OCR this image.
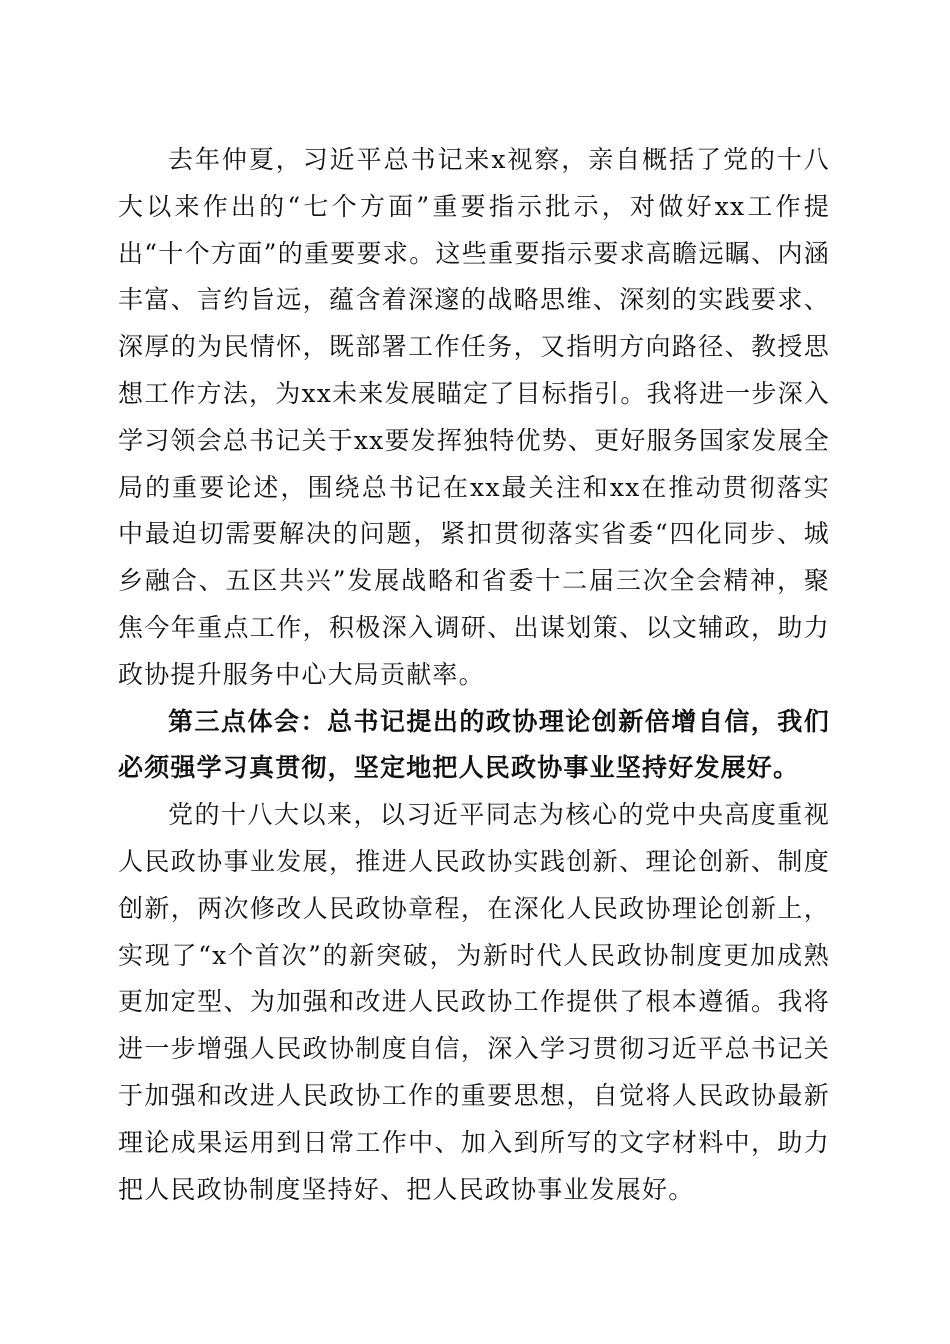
去年仲夏，习近平总书记来x视察，亲自概括了党的十八大以来作出的“七个方面”重要指示批示，对做好xx工作提出“十个方面”的重要要求。这些重要指示要求高瞻远瞩、内涵丰富、言约旨远，蕴含着深邃的战略思维、深刻的实践要求、深厚的为民情怀，既部署工作任务，又指明方向路径、教授思想工作方法，为xx未来发展瞄定了目标指引。我将进一步深入学习领会总书记关于xx要发挥独特优势、更好服务国家发展全局的重要论述，围绕总书记在xx最关注和xx在推动贯彻落实中最迫切需要解决的问题，紧扣贯彻落实省委“四化同步、城乡融合、五区共兴”发展战略和省委十二届三次全会精神，聚焦今年重点工作，积极深入调研、出谋划策、以文辅政，助力政协提升服务中心大局贡献率。

第三点体会：总书记提出的政协理论创新倍增自信，我们必须强学习真贯彻，坚定地把人民政协事业坚持好发展好。

党的十八大以来，以习近平同志为核心的党中央高度重视人民政协事业发展，推进人民政协实践创新、理论创新、制度创新，两次修改人民政协章程，在深化人民政协理论创新上，实现了“x个首次”的新突破，为新时代人民政协制度更加成熟更加定型、为加强和改进人民政协工作提供了根本遵循。我将进一步增强人民政协制度自信，深入学习贯彻习近平总书记关于加强和改进人民政协工作的重要思想，自觉将人民政协最新理论成果运用到日常工作中、加入到所写的文字材料中，助力把人民政协制度坚持好、把人民政协事业发展好。
